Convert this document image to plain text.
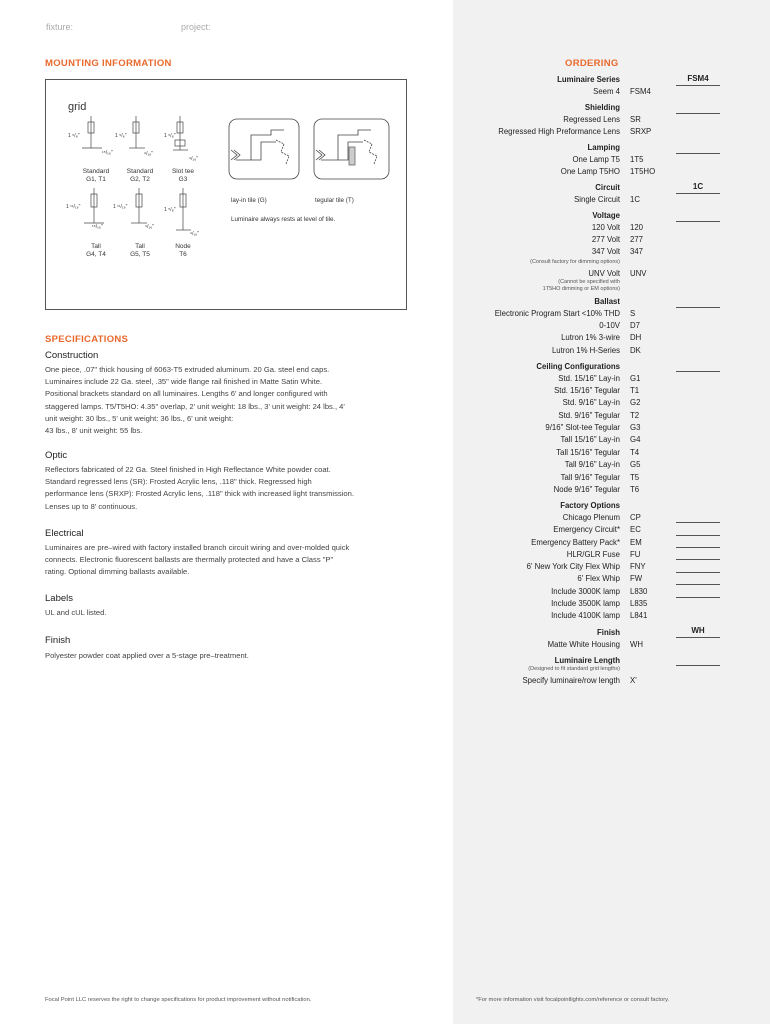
fixture:	project:
MOUNTING INFORMATION
grid
1 ⁵/₈"	1 ⁵/₈"	1 ⁵/₈"
1 ¹¹/₁₆"	1 ¹¹/₁₆"	1 ⁵/₈"
¹⁵/₁₆"	⁹/₁₆"
⁹/₁₆"
¹⁵/₁₆"	⁹/₁₆"
⁹/₁₆"
Standard
G1, T1
Standard
G2, T2
Slot tee
G3
Tall
G4, T4
Tall
G5, T5
Node
T6
lay-in tile (G)	tegular tile (T)
Luminaire always rests at level of tile.
SPECIFICATIONS
Construction
One piece, .07" thick housing of 6063-T5 extruded aluminum. 20 Ga. steel end caps.
Luminaires include 22 Ga. steel, .35" wide flange rail finished in Matte Satin White.
Positional brackets standard on all luminaires. Lengths 6' and longer configured with
staggered lamps. T5/T5HO: 4.35" overlap, 2' unit weight: 18 lbs., 3' unit weight: 24 lbs., 4'
unit weight: 30 lbs., 5' unit weight: 36 lbs., 6' unit weight:
43 lbs., 8' unit weight: 55 lbs.
Optic
Reflectors fabricated of 22 Ga. Steel finished in High Reflectance White powder coat.
Standard regressed lens (SR): Frosted Acrylic lens, .118" thick. Regressed high
performance lens (SRXP): Frosted Acrylic lens, .118" thick with increased light transmission.
Lenses up to 8' continuous.
Electrical
Luminaires are pre–wired with factory installed branch circuit wiring and over-molded quick
connects. Electronic fluorescent ballasts are thermally protected and have a Class "P"
rating. Optional dimming ballasts available.
Labels
UL and cUL listed.
Finish
Polyester powder coat applied over a 5-stage pre–treatment.
ORDERING
Luminaire Series
Seem 4 FSM4
Shielding
Regressed Lens SR
Regressed High Preformance Lens SRXP
Lamping
One Lamp T5 1T5
One Lamp T5HO 1T5HO
Circuit
Single Circuit 1C
Voltage
120 Volt 120
277 Volt 277
347 Volt 347
(Consult factory for dimming options)
UNV Volt UNV
(Cannot be specified with
1T5HO dimming or EM options)
Ballast
Electronic Program Start <10% THD S
0-10V D7
Lutron 1% 3-wire DH
Lutron 1% H-Series DK
Ceiling Configurations
Std. 15/16" Lay-in G1
Std. 15/16" Tegular T1
Std. 9/16" Lay-in G2
Std. 9/16" Tegular T2
9/16" Slot-tee Tegular G3
Tall 15/16" Lay-in G4
Tall 15/16" Tegular T4
Tall 9/16" Lay-in G5
Tall 9/16" Tegular T5
Node 9/16" Tegular T6
Factory Options
Chicago Plenum CP
Emergency Circuit* EC
Emergency Battery Pack* EM
HLR/GLR Fuse FU
6' New York City Flex Whip FNY
6' Flex Whip FW
Include 3000K lamp L830
Include 3500K lamp L835
Include 4100K lamp L841
Finish
Matte White Housing WH
Luminaire Length
(Designed to fit standard grid lengths)
Specify luminaire/row length X'
FSM4
1C
WH
Focal Point LLC reserves the right to change specifications for product improvement without notification.	*For more information visit focalpointlights.com/reference or consult factory.
